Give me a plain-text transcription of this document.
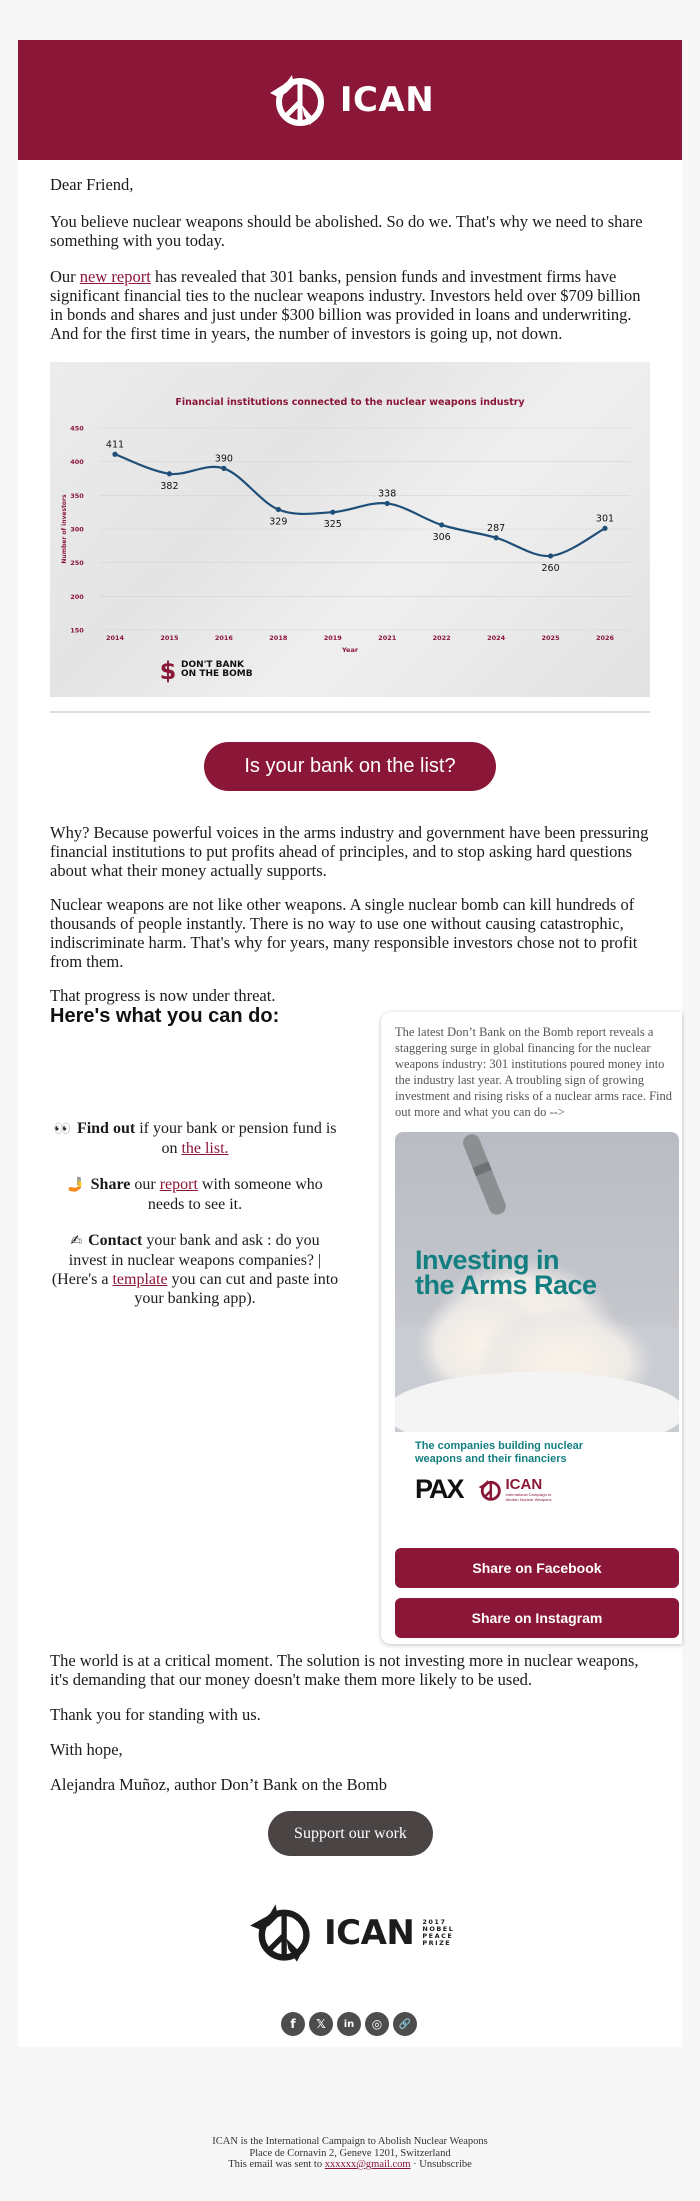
ICAN

Dear Friend,

You believe nuclear weapons should be abolished. So do we. That's why we need to share something with you today.

Our new report has revealed that 301 banks, pension funds and investment firms have significant financial ties to the nuclear weapons industry. Investors held over $709 billion in bonds and shares and just under $300 billion was provided in loans and underwriting. And for the first time in years, the number of investors is going up, not down.

Financial institutions connected to the nuclear weapons industry
150
200
250
300
350
400
450
Number of investors
2014	2015	2016	2018	2019	2021	2022	2024	2025	2026
Year
411
382
390
329	325
338
306
287
260
301
$ DON'T BANK
ON THE BOMB
Is your bank on the list?

Why? Because powerful voices in the arms industry and government have been pressuring financial institutions to put profits ahead of principles, and to stop asking hard questions about what their money actually supports.

Nuclear weapons are not like other weapons. A single nuclear bomb can kill hundreds of thousands of people instantly. There is no way to use one without causing catastrophic, indiscriminate harm. That's why for years, many responsible investors chose not to profit from them.

That progress is now under threat.

Here's what you can do:
👀 Find out if your bank or pension fund is on the list.
🤳 Share our report with someone who needs to see it.
✍ Contact your bank and ask : do you invest in nuclear weapons companies? |
(Here's a template you can cut and paste into your banking app).

The latest Don’t Bank on the Bomb report reveals a staggering surge in global financing for the nuclear weapons industry: 301 institutions poured money into the industry last year. A troubling sign of growing investment and rising risks of a nuclear arms race. Find out more and what you can do -->

Investing in
the Arms Race
The companies building nuclear
weapons and their financiers
PAX	ICAN
International Campaign to Abolish Nuclear Weapons
Share on Facebook
Share on Instagram

The world is at a critical moment. The solution is not investing more in nuclear weapons, it's demanding that our money doesn't make them more likely to be used.

Thank you for standing with us.

With hope,

Alejandra Muñoz, author Don’t Bank on the Bomb

Support our work
ICAN 2017
NOBEL
PEACE
PRIZE
f	𝕏	in	◎	🔗
ICAN is the International Campaign to Abolish Nuclear Weapons
Place de Cornavin 2, Geneve 1201, Switzerland
This email was sent to xxxxxx@gmail.com · Unsubscribe
